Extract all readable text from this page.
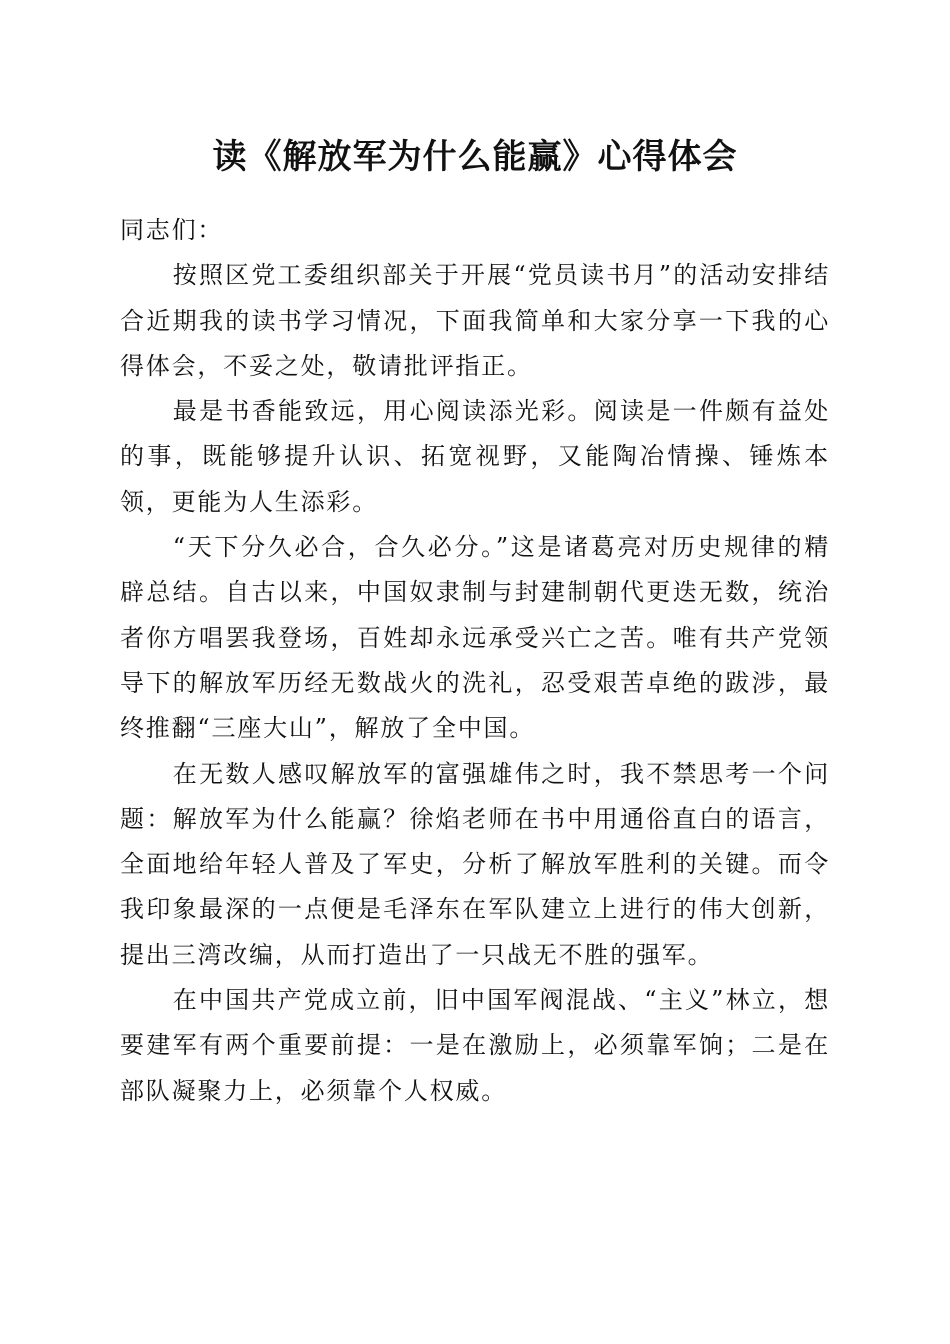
读《解放军为什么能赢》心得体会

同志们：

按照区党工委组织部关于开展“党员读书月”的活动安排结合近期我的读书学习情况，下面我简单和大家分享一下我的心得体会，不妥之处，敬请批评指正。

最是书香能致远，用心阅读添光彩。阅读是一件颇有益处的事，既能够提升认识、拓宽视野，又能陶冶情操、锤炼本领，更能为人生添彩。

“天下分久必合，合久必分。”这是诸葛亮对历史规律的精辟总结。自古以来，中国奴隶制与封建制朝代更迭无数，统治者你方唱罢我登场，百姓却永远承受兴亡之苦。唯有共产党领导下的解放军历经无数战火的洗礼，忍受艰苦卓绝的跋涉，最终推翻“三座大山”，解放了全中国。

在无数人感叹解放军的富强雄伟之时，我不禁思考一个问题：解放军为什么能赢？徐焰老师在书中用通俗直白的语言，全面地给年轻人普及了军史，分析了解放军胜利的关键。而令我印象最深的一点便是毛泽东在军队建立上进行的伟大创新，提出三湾改编，从而打造出了一只战无不胜的强军。

在中国共产党成立前，旧中国军阀混战、“主义”林立，想要建军有两个重要前提：一是在激励上，必须靠军饷；二是在部队凝聚力上，必须靠个人权威。
